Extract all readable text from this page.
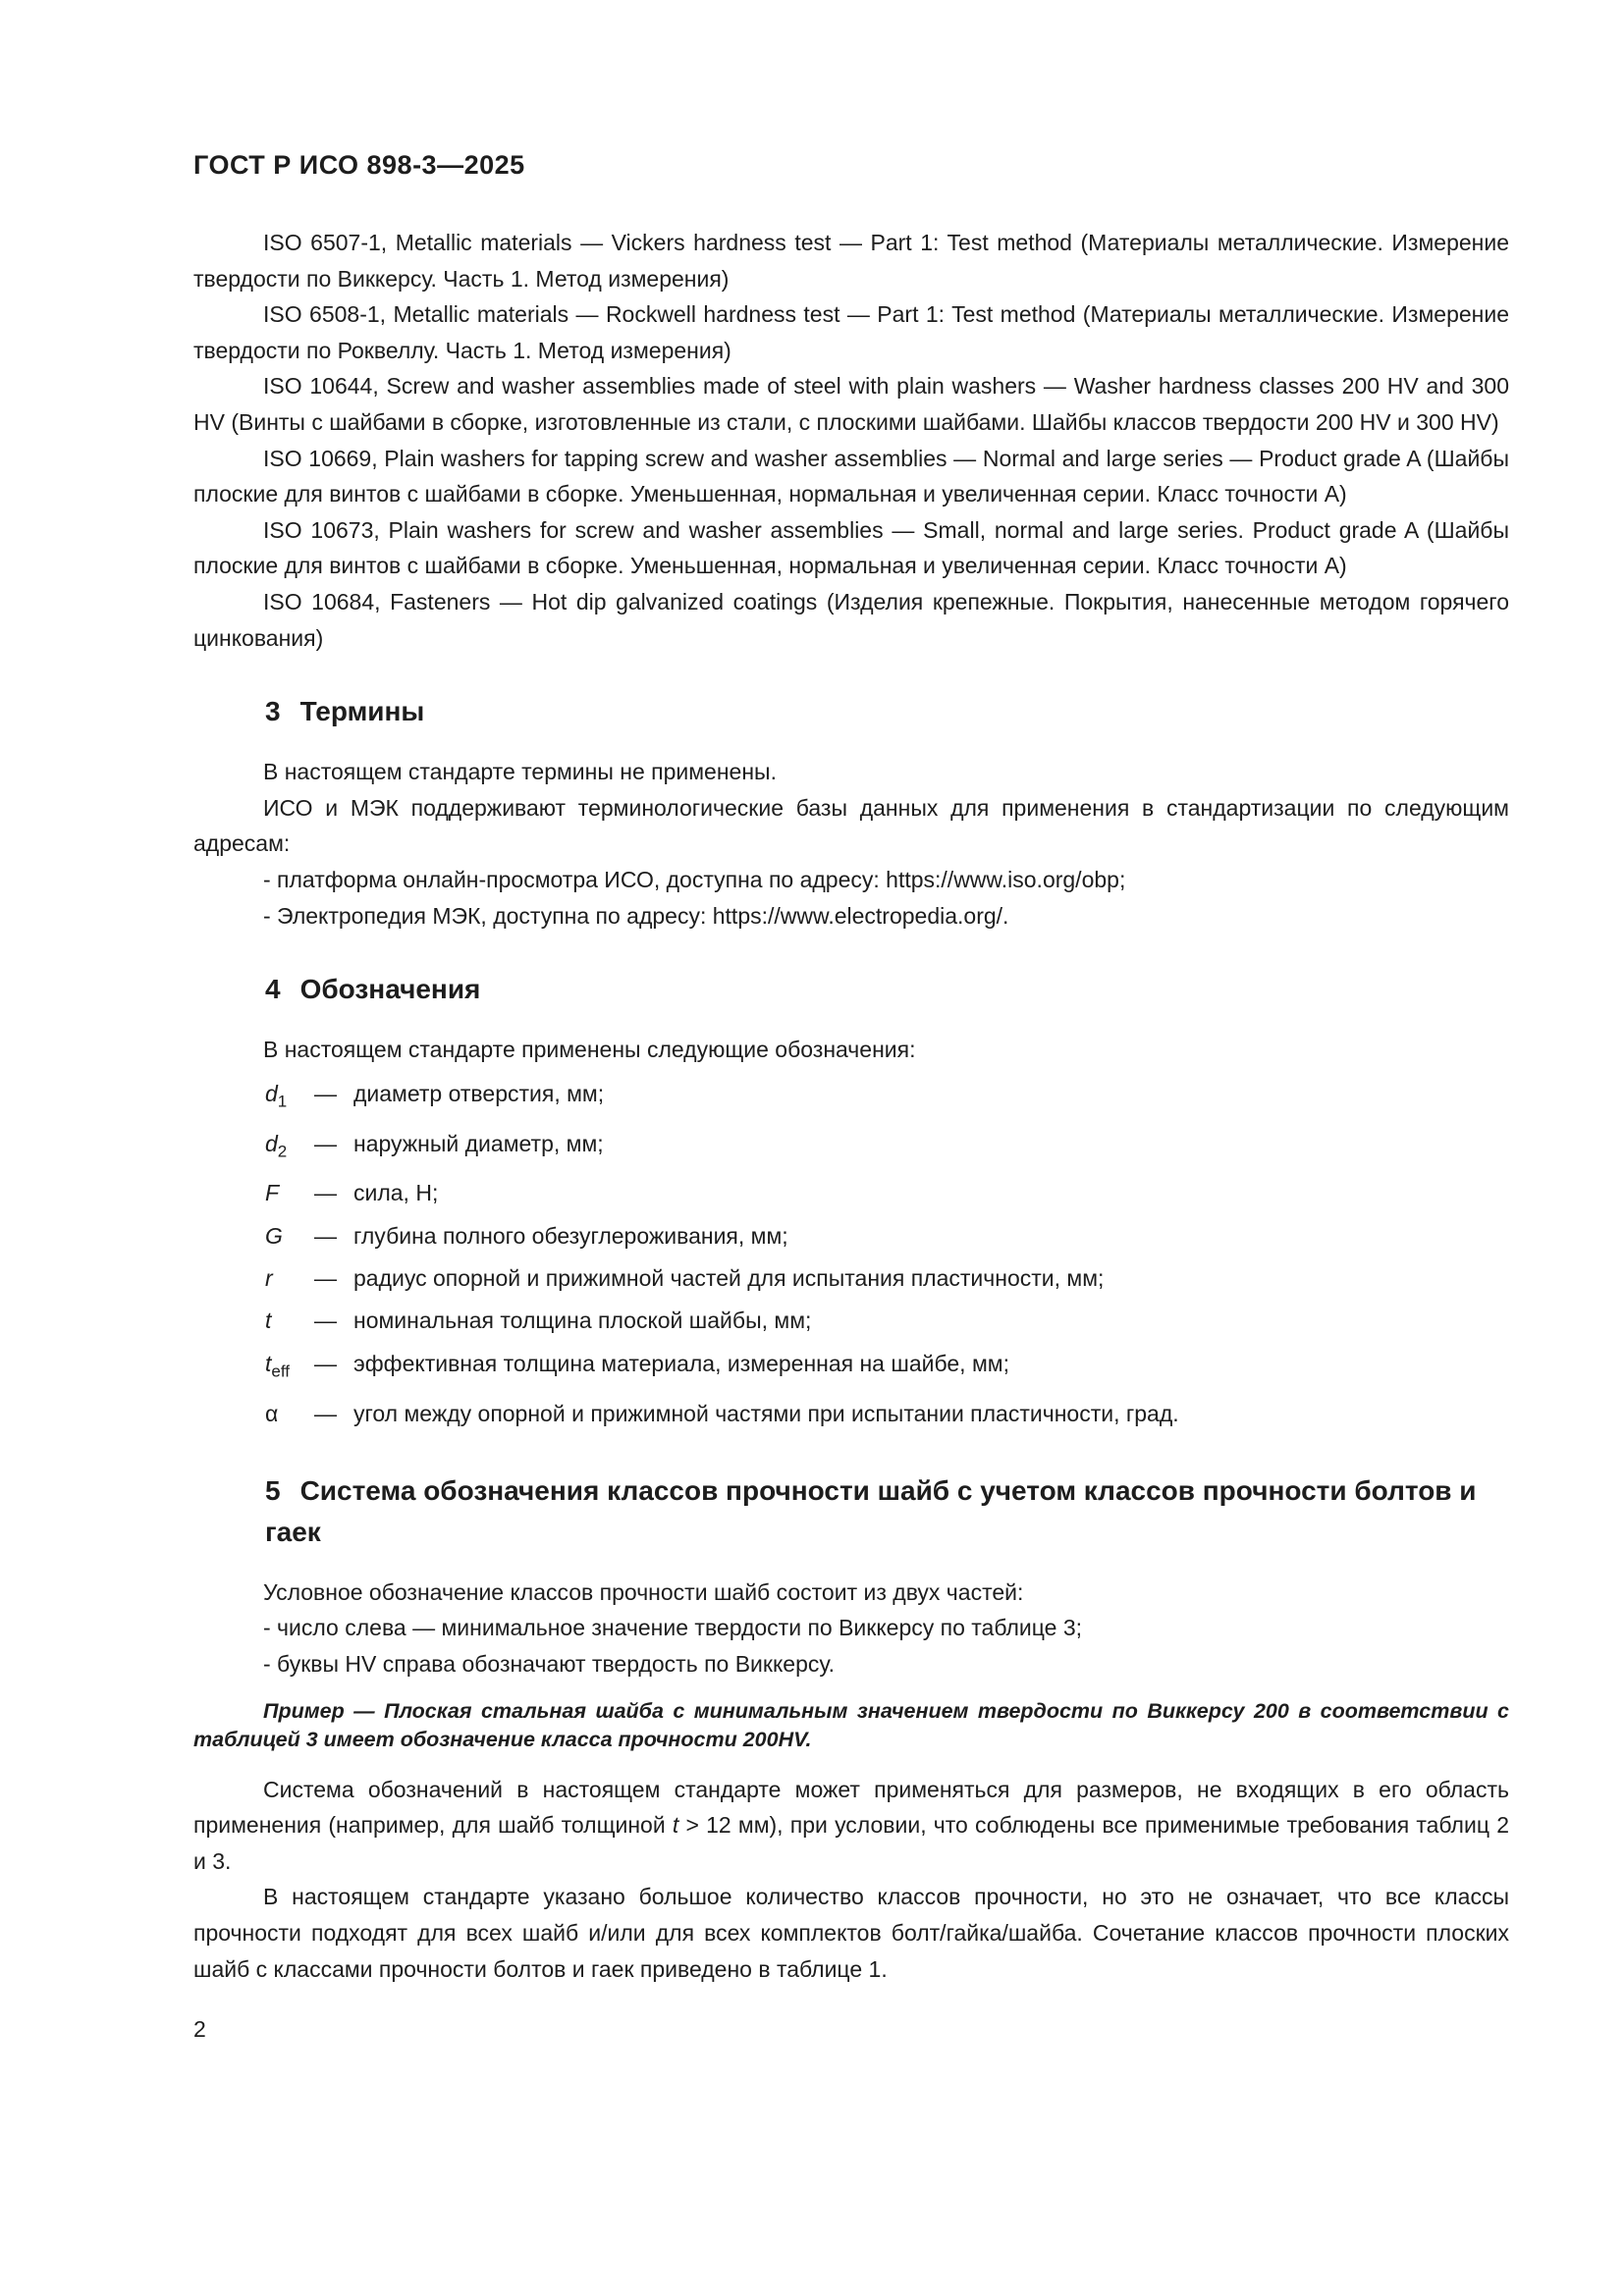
ГОСТ Р ИСО 898-3—2025

ISO 6507-1, Metallic materials — Vickers hardness test — Part 1: Test method (Материалы металлические. Измерение твердости по Виккерсу. Часть 1. Метод измерения)

ISO 6508-1, Metallic materials — Rockwell hardness test — Part 1: Test method (Материалы металлические. Измерение твердости по Роквеллу. Часть 1. Метод измерения)

ISO 10644, Screw and washer assemblies made of steel with plain washers — Washer hardness classes 200 HV and 300 HV (Винты с шайбами в сборке, изготовленные из стали, с плоскими шайбами. Шайбы классов твердости 200 HV и 300 HV)

ISO 10669, Plain washers for tapping screw and washer assemblies — Normal and large series — Product grade A (Шайбы плоские для винтов с шайбами в сборке. Уменьшенная, нормальная и увеличенная серии. Класс точности А)

ISO 10673, Plain washers for screw and washer assemblies — Small, normal and large series. Product grade A (Шайбы плоские для винтов с шайбами в сборке. Уменьшенная, нормальная и увеличенная серии. Класс точности А)

ISO 10684, Fasteners — Hot dip galvanized coatings (Изделия крепежные. Покрытия, нанесенные методом горячего цинкования)

3 Термины

В настоящем стандарте термины не применены.

ИСО и МЭК поддерживают терминологические базы данных для применения в стандартизации по следующим адресам:

- платформа онлайн-просмотра ИСО, доступна по адресу: https://www.iso.org/obp;

- Электропедия МЭК, доступна по адресу: https://www.electropedia.org/.

4 Обозначения

В настоящем стандарте применены следующие обозначения:

$d_1$	— диаметр отверстия, мм;
$d_2$	— наружный диаметр, мм;
F	— сила, Н;
G	— глубина полного обезуглероживания, мм;
r	— радиус опорной и прижимной частей для испытания пластичности, мм;
t	— номинальная толщина плоской шайбы, мм;
$t_{eff}$	— эффективная толщина материала, измеренная на шайбе, мм;
α	— угол между опорной и прижимной частями при испытании пластичности, град.
5 Система обозначения классов прочности шайб с учетом классов прочности болтов и гаек

Условное обозначение классов прочности шайб состоит из двух частей:

- число слева — минимальное значение твердости по Виккерсу по таблице 3;

- буквы HV справа обозначают твердость по Виккерсу.

Пример — Плоская стальная шайба с минимальным значением твердости по Виккерсу 200 в соответствии с таблицей 3 имеет обозначение класса прочности 200HV.

Система обозначений в настоящем стандарте может применяться для размеров, не входящих в его область применения (например, для шайб толщиной t > 12 мм), при условии, что соблюдены все применимые требования таблиц 2 и 3.

В настоящем стандарте указано большое количество классов прочности, но это не означает, что все классы прочности подходят для всех шайб и/или для всех комплектов болт/гайка/шайба. Сочетание классов прочности плоских шайб с классами прочности болтов и гаек приведено в таблице 1.

2
